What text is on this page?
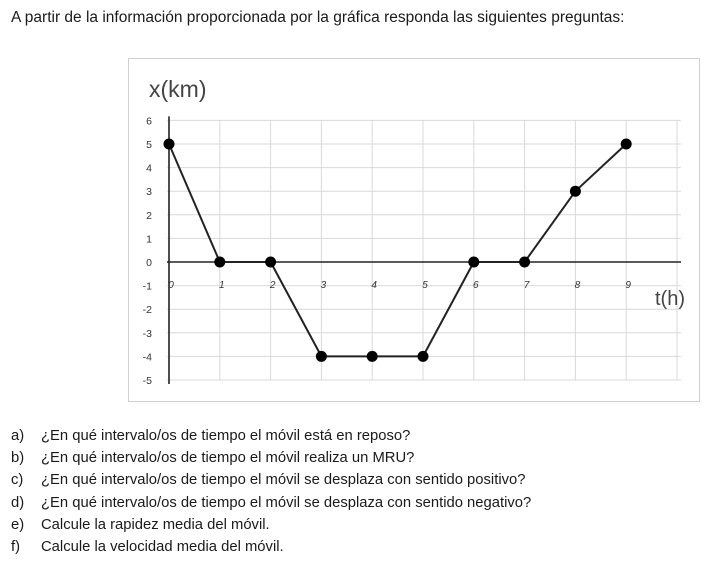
A partir de la información proporcionada por la gráfica responda las siguientes preguntas:
6
5
4
3
2
1
0
-1
-2
-3
-4
-5
0	1	2	3	4	5	6	7	8	9
x(km)
t(h)
a) ¿En qué intervalo/os de tiempo el móvil está en reposo?
b) ¿En qué intervalo/os de tiempo el móvil realiza un MRU?
c) ¿En qué intervalo/os de tiempo el móvil se desplaza con sentido positivo?
d) ¿En qué intervalo/os de tiempo el móvil se desplaza con sentido negativo?
e) Calcule la rapidez media del móvil.
f) Calcule la velocidad media del móvil.
